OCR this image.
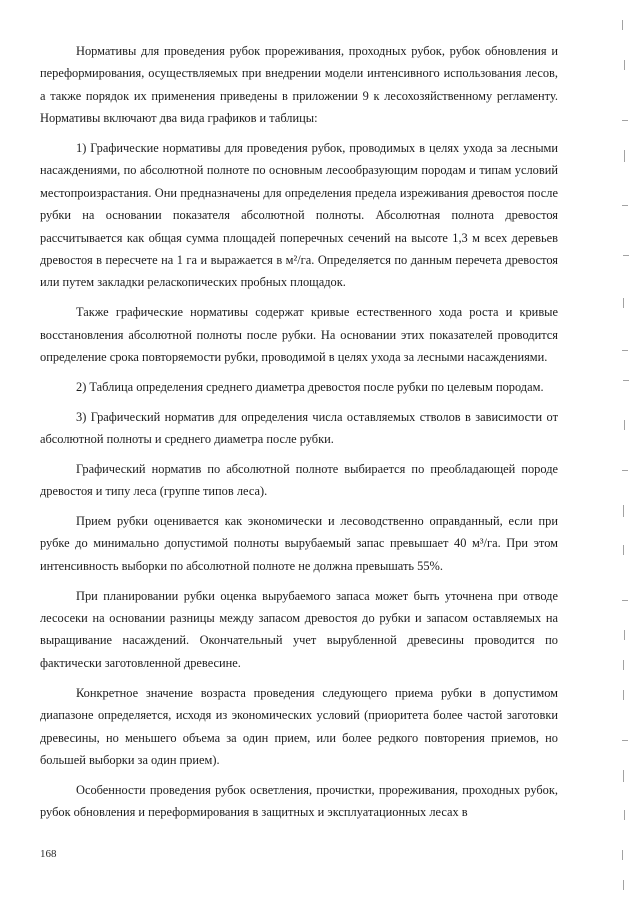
Нормативы для проведения рубок прореживания, проходных рубок, рубок обновления и переформирования, осуществляемых при внедрении модели интенсивного использования лесов, а также порядок их применения приведены в приложении 9 к лесохозяйственному регламенту. Нормативы включают два вида графиков и таблицы:

1) Графические нормативы для проведения рубок, проводимых в целях ухода за лесными насаждениями, по абсолютной полноте по основным лесообразующим породам и типам условий местопроизрастания. Они предназначены для определения предела изреживания древостоя после рубки на основании показателя абсолютной полноты. Абсолютная полнота древостоя рассчитывается как общая сумма площадей поперечных сечений на высоте 1,3 м всех деревьев древостоя в пересчете на 1 га и выражается в м²/га. Определяется по данным перечета древостоя или путем закладки реласкопических пробных площадок.

Также графические нормативы содержат кривые естественного хода роста и кривые восстановления абсолютной полноты после рубки. На основании этих показателей проводится определение срока повторяемости рубки, проводимой в целях ухода за лесными насаждениями.

2) Таблица определения среднего диаметра древостоя после рубки по целевым породам.

3) Графический норматив для определения числа оставляемых стволов в зависимости от абсолютной полноты и среднего диаметра после рубки.

Графический норматив по абсолютной полноте выбирается по преобладающей породе древостоя и типу леса (группе типов леса).

Прием рубки оценивается как экономически и лесоводственно оправданный, если при рубке до минимально допустимой полноты вырубаемый запас превышает 40 м³/га. При этом интенсивность выборки по абсолютной полноте не должна превышать 55%.

При планировании рубки оценка вырубаемого запаса может быть уточнена при отводе лесосеки на основании разницы между запасом древостоя до рубки и запасом оставляемых на выращивание насаждений. Окончательный учет вырубленной древесины проводится по фактически заготовленной древесине.

Конкретное значение возраста проведения следующего приема рубки в допустимом диапазоне определяется, исходя из экономических условий (приоритета более частой заготовки древесины, но меньшего объема за один прием, или более редкого повторения приемов, но большей выборки за один прием).

Особенности проведения рубок осветления, прочистки, прореживания, проходных рубок, рубок обновления и переформирования в защитных и эксплуатационных лесах в

168
